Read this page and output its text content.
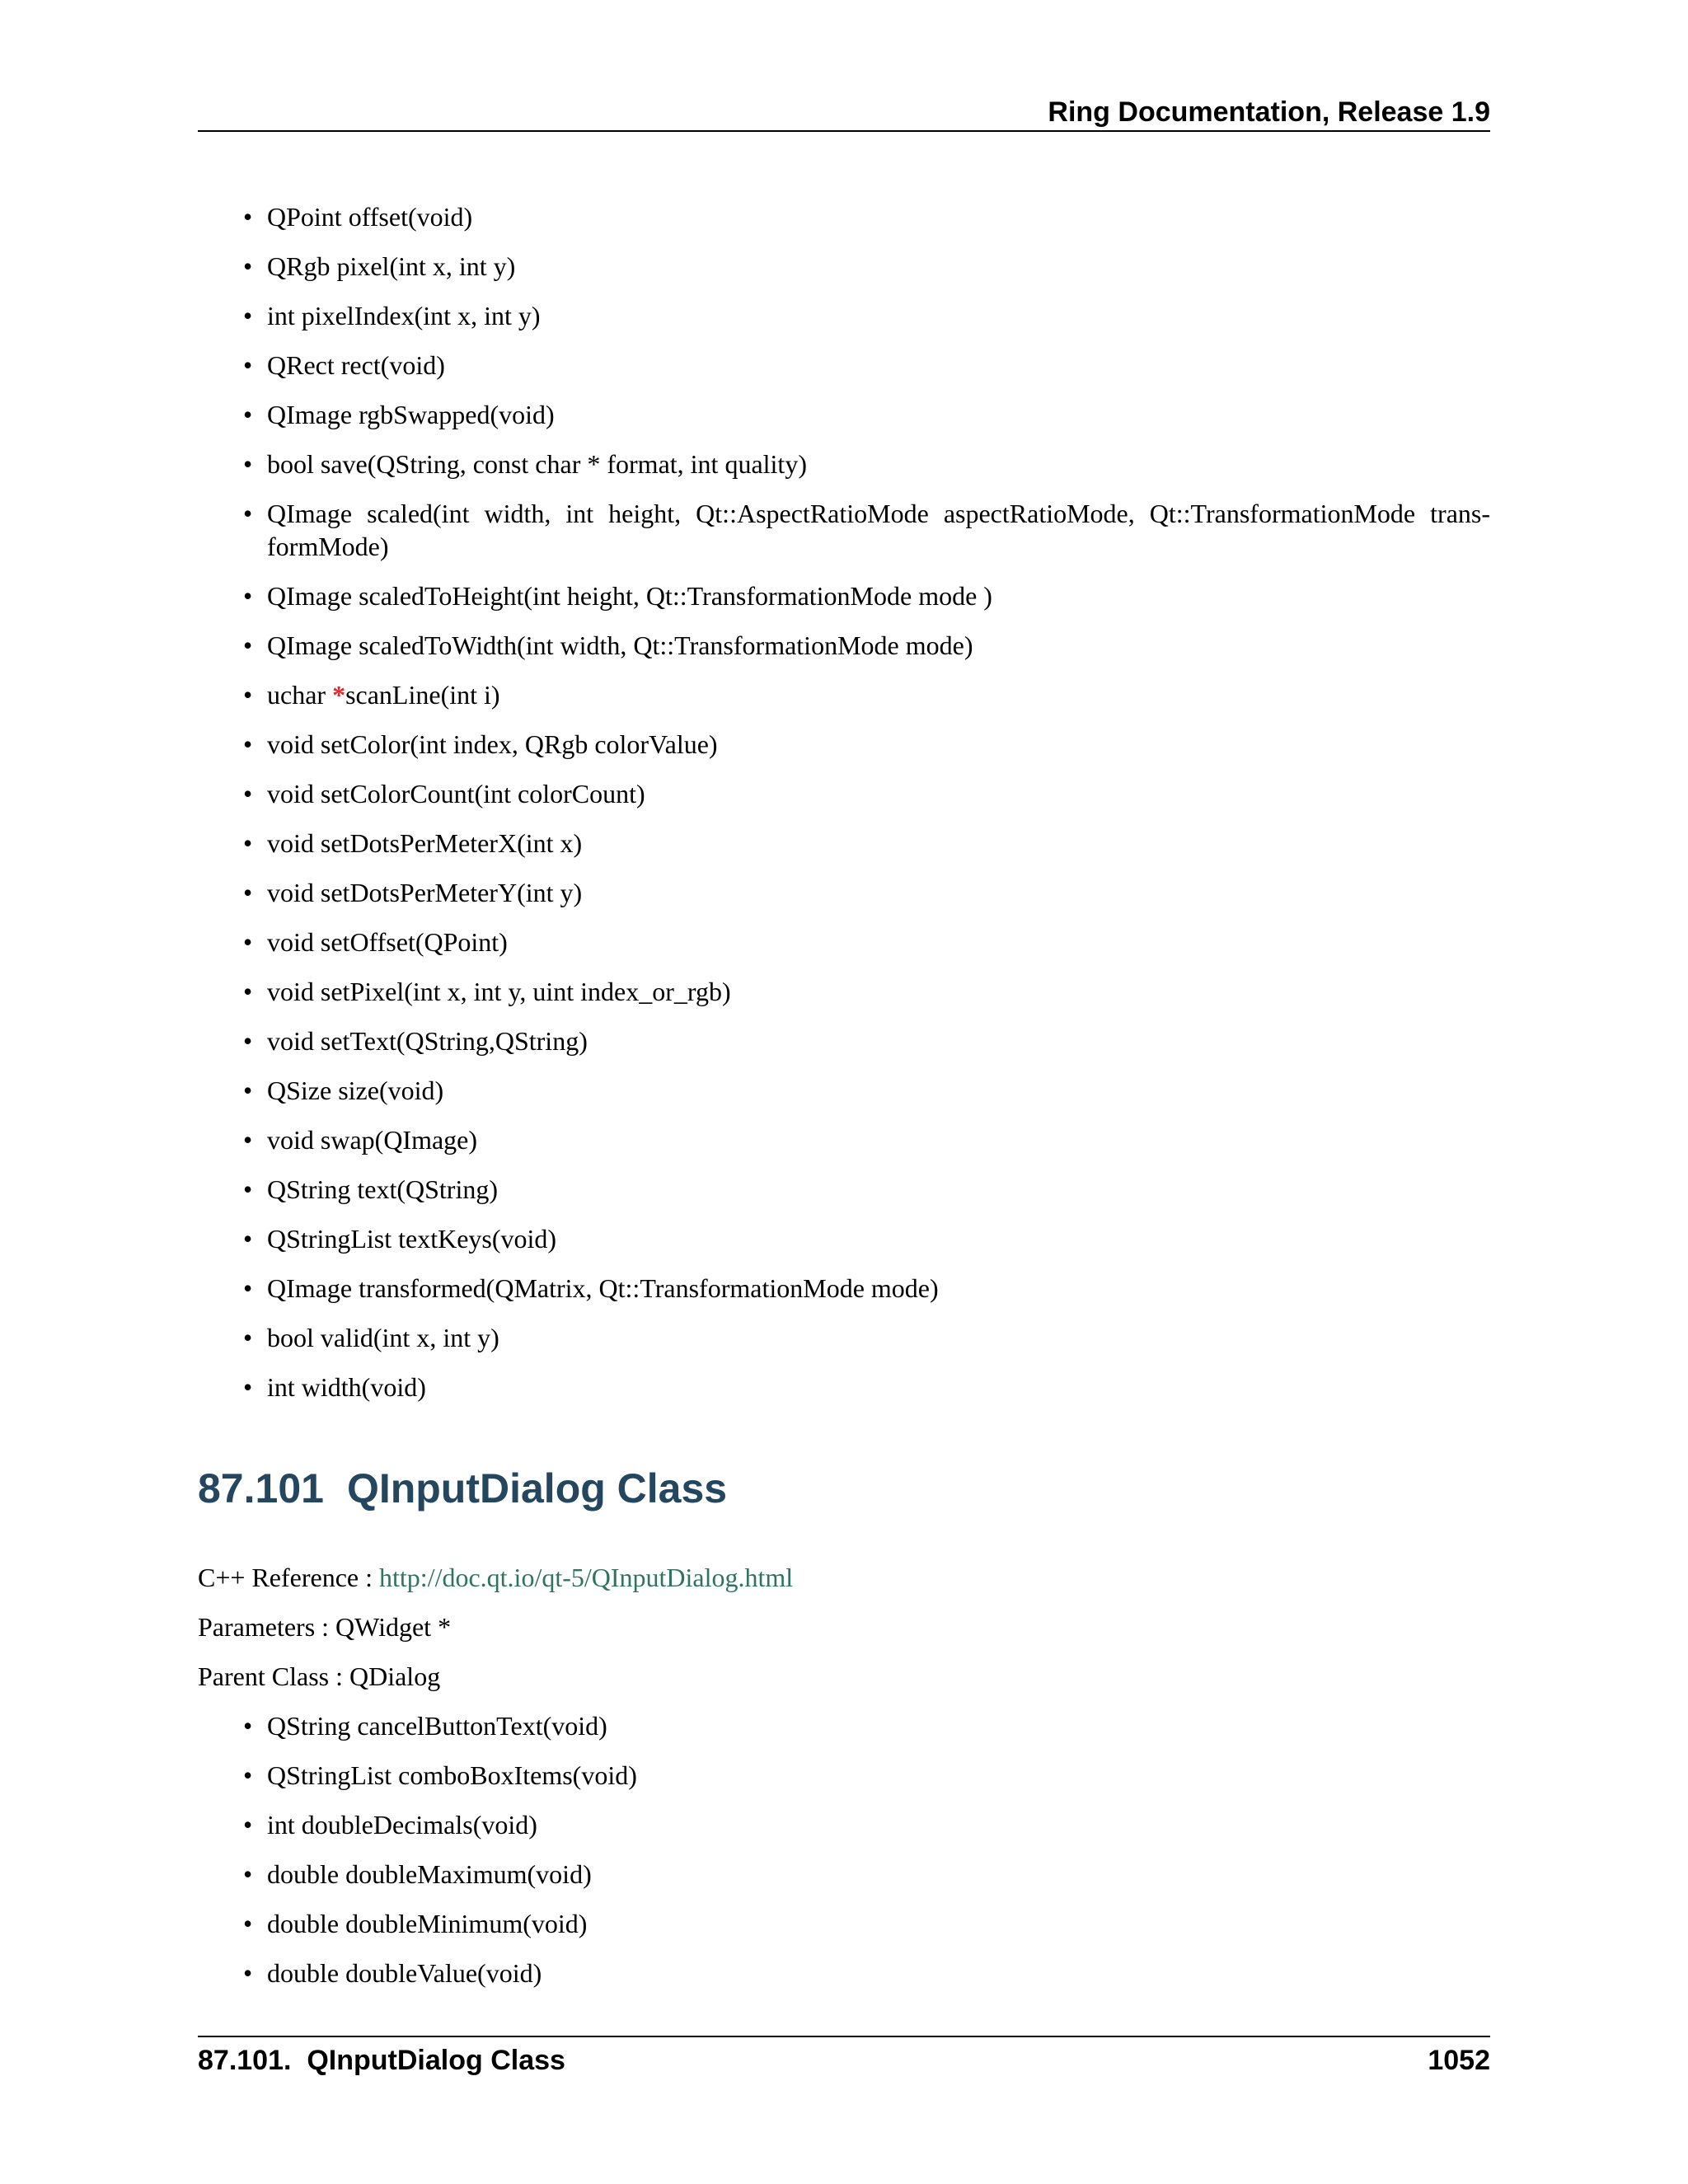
Ring Documentation, Release 1.9
• QPoint offset(void)
• QRgb pixel(int x, int y)
• int pixelIndex(int x, int y)
• QRect rect(void)
• QImage rgbSwapped(void)
• bool save(QString, const char * format, int quality)
• QImage scaled(int width, int height, Qt::AspectRatioMode aspectRatioMode, Qt::TransformationMode trans-formMode)
• QImage scaledToHeight(int height, Qt::TransformationMode mode )
• QImage scaledToWidth(int width, Qt::TransformationMode mode)
• uchar *scanLine(int i)
• void setColor(int index, QRgb colorValue)
• void setColorCount(int colorCount)
• void setDotsPerMeterX(int x)
• void setDotsPerMeterY(int y)
• void setOffset(QPoint)
• void setPixel(int x, int y, uint index_or_rgb)
• void setText(QString,QString)
• QSize size(void)
• void swap(QImage)
• QString text(QString)
• QStringList textKeys(void)
• QImage transformed(QMatrix, Qt::TransformationMode mode)
• bool valid(int x, int y)
• int width(void)
87.101 QInputDialog Class

C++ Reference : http://doc.qt.io/qt-5/QInputDialog.html

Parameters : QWidget *

Parent Class : QDialog

• QString cancelButtonText(void)
• QStringList comboBoxItems(void)
• int doubleDecimals(void)
• double doubleMaximum(void)
• double doubleMinimum(void)
• double doubleValue(void)
87.101.  QInputDialog Class	1052
